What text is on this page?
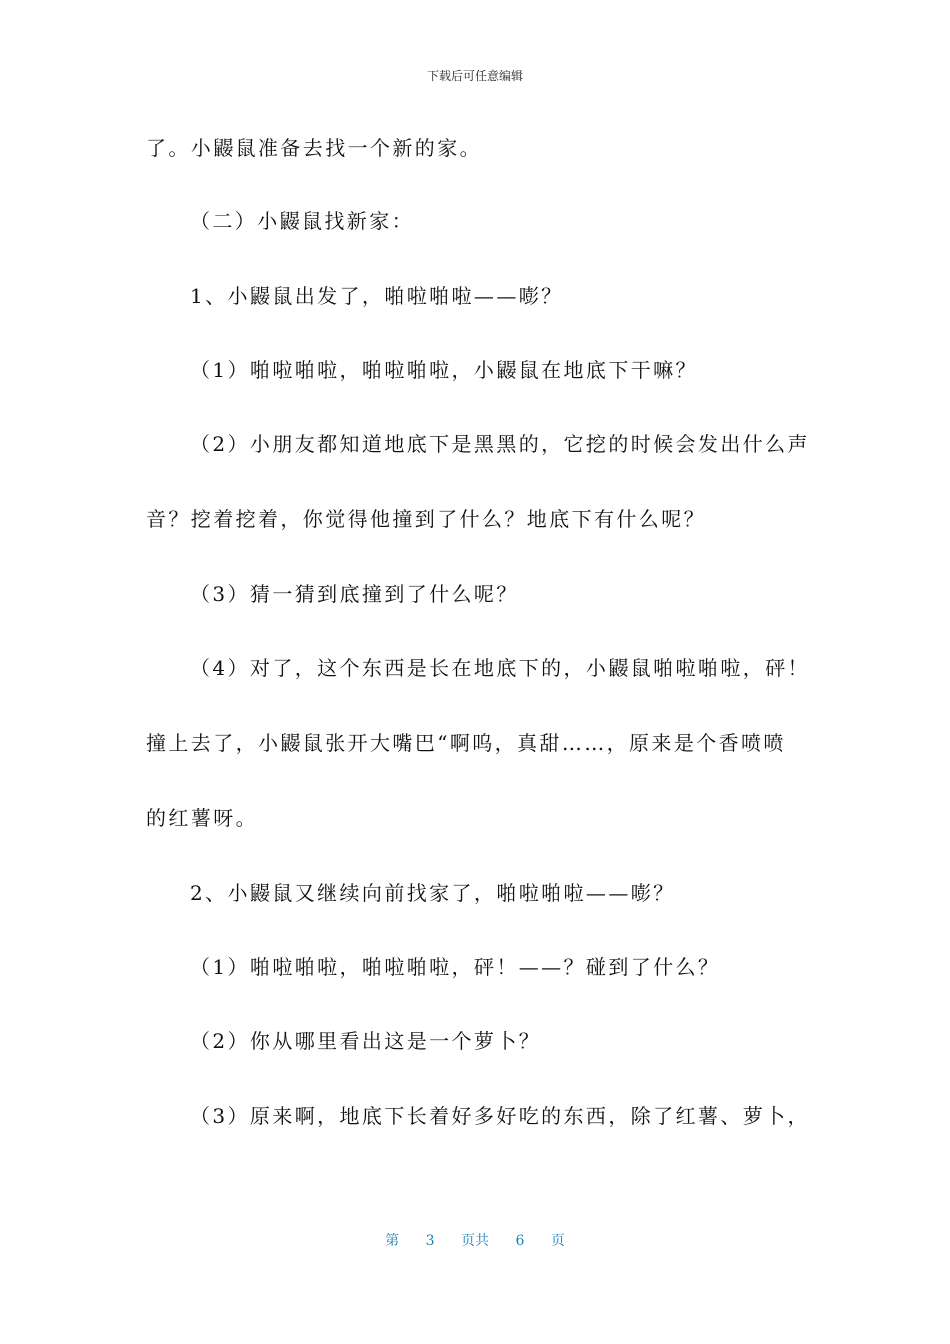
下载后可任意编辑
了。小鼹鼠准备去找一个新的家。
（二）小鼹鼠找新家：
1、小鼹鼠出发了，啪啦啪啦——嘭？
（1）啪啦啪啦，啪啦啪啦，小鼹鼠在地底下干嘛？
（2）小朋友都知道地底下是黑黑的，它挖的时候会发出什么声
音？挖着挖着，你觉得他撞到了什么？地底下有什么呢？
（3）猜一猜到底撞到了什么呢？
（4）对了，这个东西是长在地底下的，小鼹鼠啪啦啪啦，砰！
撞上去了，小鼹鼠张开大嘴巴“啊呜，真甜……，原来是个香喷喷
的红薯呀。
2、小鼹鼠又继续向前找家了，啪啦啪啦——嘭？
（1）啪啦啪啦，啪啦啪啦，砰！——？碰到了什么？
（2）你从哪里看出这是一个萝卜？
（3）原来啊，地底下长着好多好吃的东西，除了红薯、萝卜，
第 3 页共 6 页
